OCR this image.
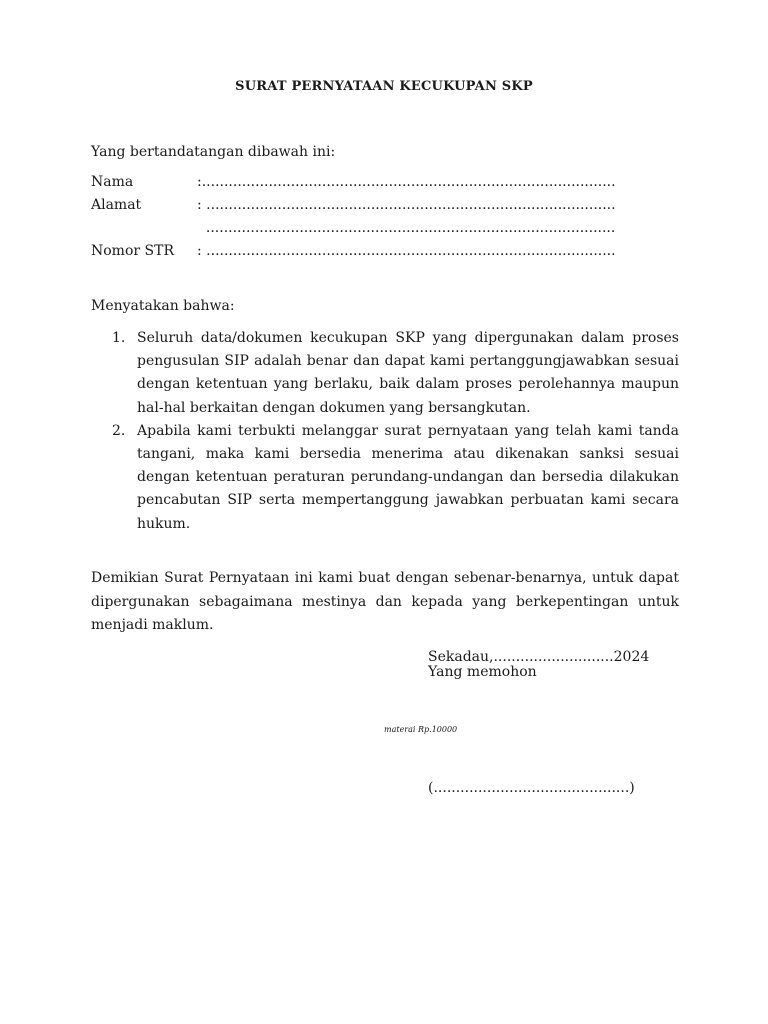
SURAT PERNYATAAN KECUKUPAN SKP
Yang bertandatangan dibawah ini:
Nama	:.............................................................................................
Alamat	: ............................................................................................
............................................................................................
Nomor STR : ............................................................................................
Menyatakan bahwa:
1. Seluruh data/dokumen kecukupan SKP yang dipergunakan dalam proses pengusulan SIP adalah benar dan dapat kami pertanggungjawabkan sesuai dengan ketentuan yang berlaku, baik dalam proses perolehannya maupun hal-hal berkaitan dengan dokumen yang bersangkutan.
2. Apabila kami terbukti melanggar surat pernyataan yang telah kami tanda tangani, maka kami bersedia menerima atau dikenakan sanksi sesuai dengan ketentuan peraturan perundang-undangan dan bersedia dilakukan pencabutan SIP serta mempertanggung jawabkan perbuatan kami secara hukum.
Demikian Surat Pernyataan ini kami buat dengan sebenar-benarnya, untuk dapat dipergunakan sebagaimana mestinya dan kepada yang berkepentingan untuk menjadi maklum.
Sekadau,...........................2024
Yang memohon
materai Rp.10000
(............................................)
